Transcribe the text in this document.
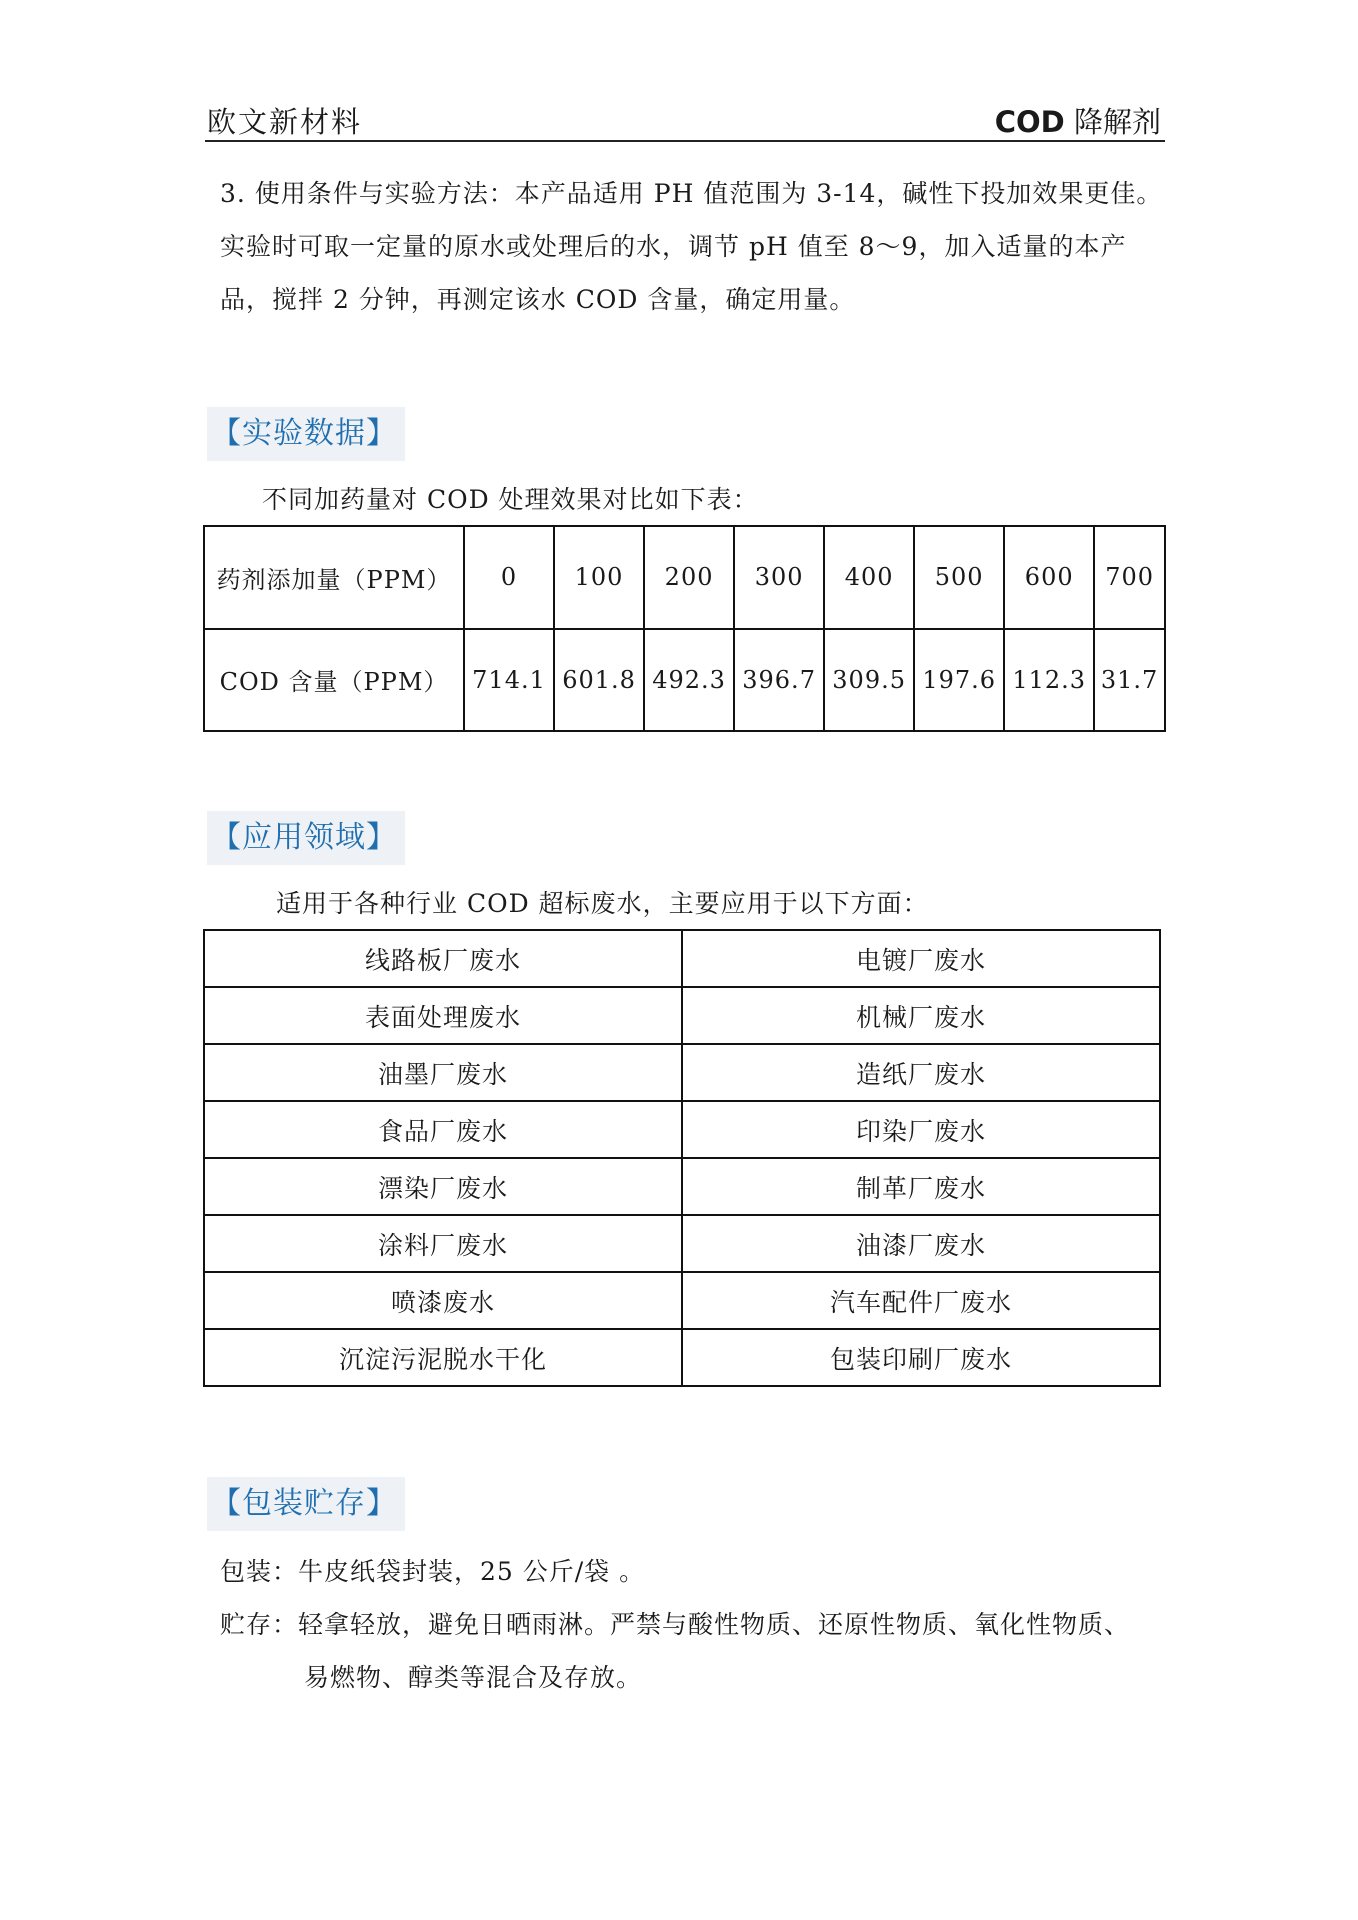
欧文新材料	COD 降解剂
3. 使用条件与实验方法：本产品适用 PH 值范围为 3-14，碱性下投加效果更佳。
实验时可取一定量的原水或处理后的水，调节 pH 值至 8～9，加入适量的本产
品，搅拌 2 分钟，再测定该水 COD 含量，确定用量。
【实验数据】
不同加药量对 COD 处理效果对比如下表：
药剂添加量（PPM）	0	100	200	300	400	500	600	700
COD 含量（PPM）	714.1	601.8	492.3	396.7	309.5	197.6	112.3	31.7
【应用领域】
适用于各种行业 COD 超标废水，主要应用于以下方面：
线路板厂废水	电镀厂废水
表面处理废水	机械厂废水
油墨厂废水	造纸厂废水
食品厂废水	印染厂废水
漂染厂废水	制革厂废水
涂料厂废水	油漆厂废水
喷漆废水	汽车配件厂废水
沉淀污泥脱水干化	包装印刷厂废水
【包装贮存】
包装：牛皮纸袋封装，25 公斤/袋 。
贮存：轻拿轻放，避免日晒雨淋。严禁与酸性物质、还原性物质、氧化性物质、
易燃物、醇类等混合及存放。
